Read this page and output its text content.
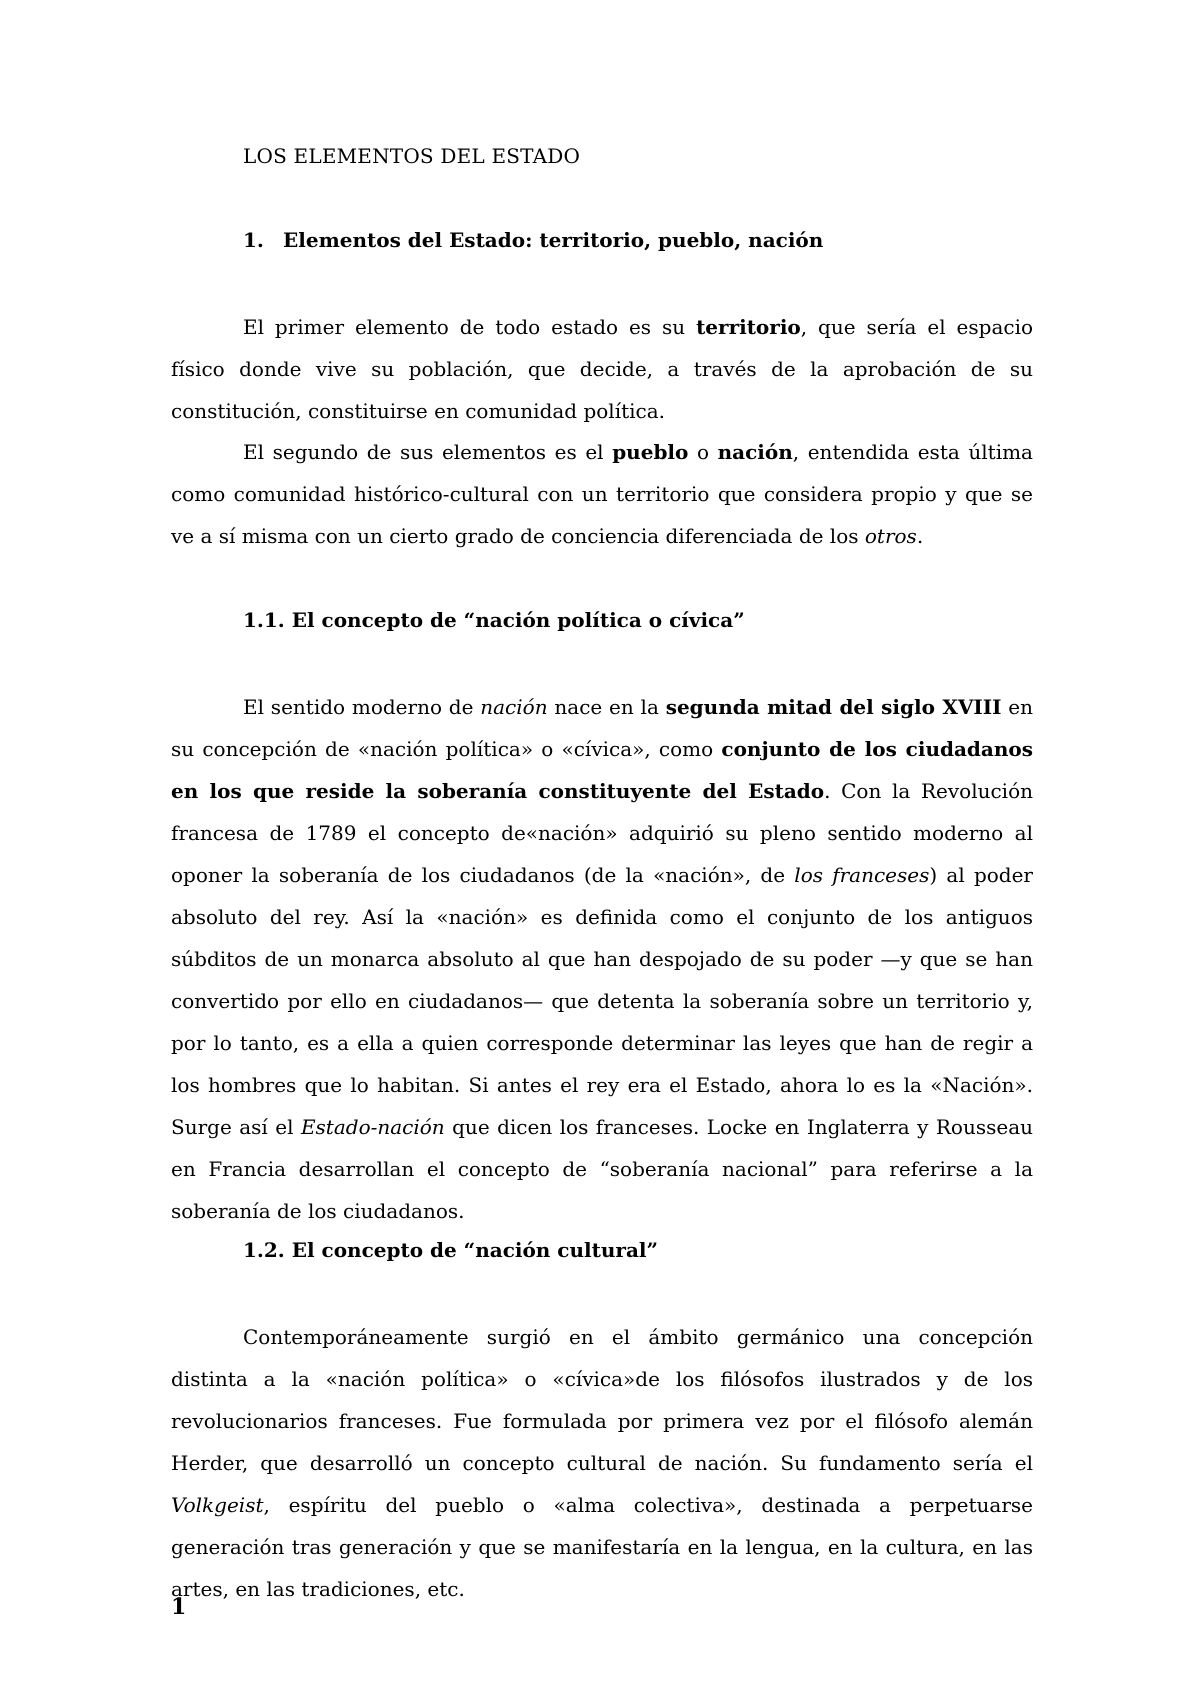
LOS ELEMENTOS DEL ESTADO
1. Elementos del Estado: territorio, pueblo, nación

El primer elemento de todo estado es su territorio, que sería el espacio físico donde vive su población, que decide, a través de la aprobación de su constitución, constituirse en comunidad política.

El segundo de sus elementos es el pueblo o nación, entendida esta última como comunidad histórico-cultural con un territorio que considera propio y que se ve a sí misma con un cierto grado de conciencia diferenciada de los otros.

1.1. El concepto de “nación política o cívica”

El sentido moderno de nación nace en la segunda mitad del siglo XVIII en su concepción de «nación política» o «cívica», como conjunto de los ciudadanos en los que reside la soberanía constituyente del Estado. Con la Revolución francesa de 1789 el concepto de«nación» adquirió su pleno sentido moderno al oponer la soberanía de los ciudadanos (de la «nación», de los franceses) al poder absoluto del rey. Así la «nación» es definida como el conjunto de los antiguos súbditos de un monarca absoluto al que han despojado de su poder —y que se han convertido por ello en ciudadanos— que detenta la soberanía sobre un territorio y, por lo tanto, es a ella a quien corresponde determinar las leyes que han de regir a los hombres que lo habitan. Si antes el rey era el Estado, ahora lo es la «Nación». Surge así el Estado-nación que dicen los franceses. Locke en Inglaterra y Rousseau en Francia desarrollan el concepto de “soberanía nacional” para referirse a la soberanía de los ciudadanos.

1.2. El concepto de “nación cultural”

Contemporáneamente surgió en el ámbito germánico una concepción distinta a la «nación política» o «cívica»de los filósofos ilustrados y de los revolucionarios franceses. Fue formulada por primera vez por el filósofo alemán Herder, que desarrolló un concepto cultural de nación. Su fundamento sería el Volkgeist, espíritu del pueblo o «alma colectiva», destinada a perpetuarse generación tras generación y que se manifestaría en la lengua, en la cultura, en las artes, en las tradiciones, etc.

1
